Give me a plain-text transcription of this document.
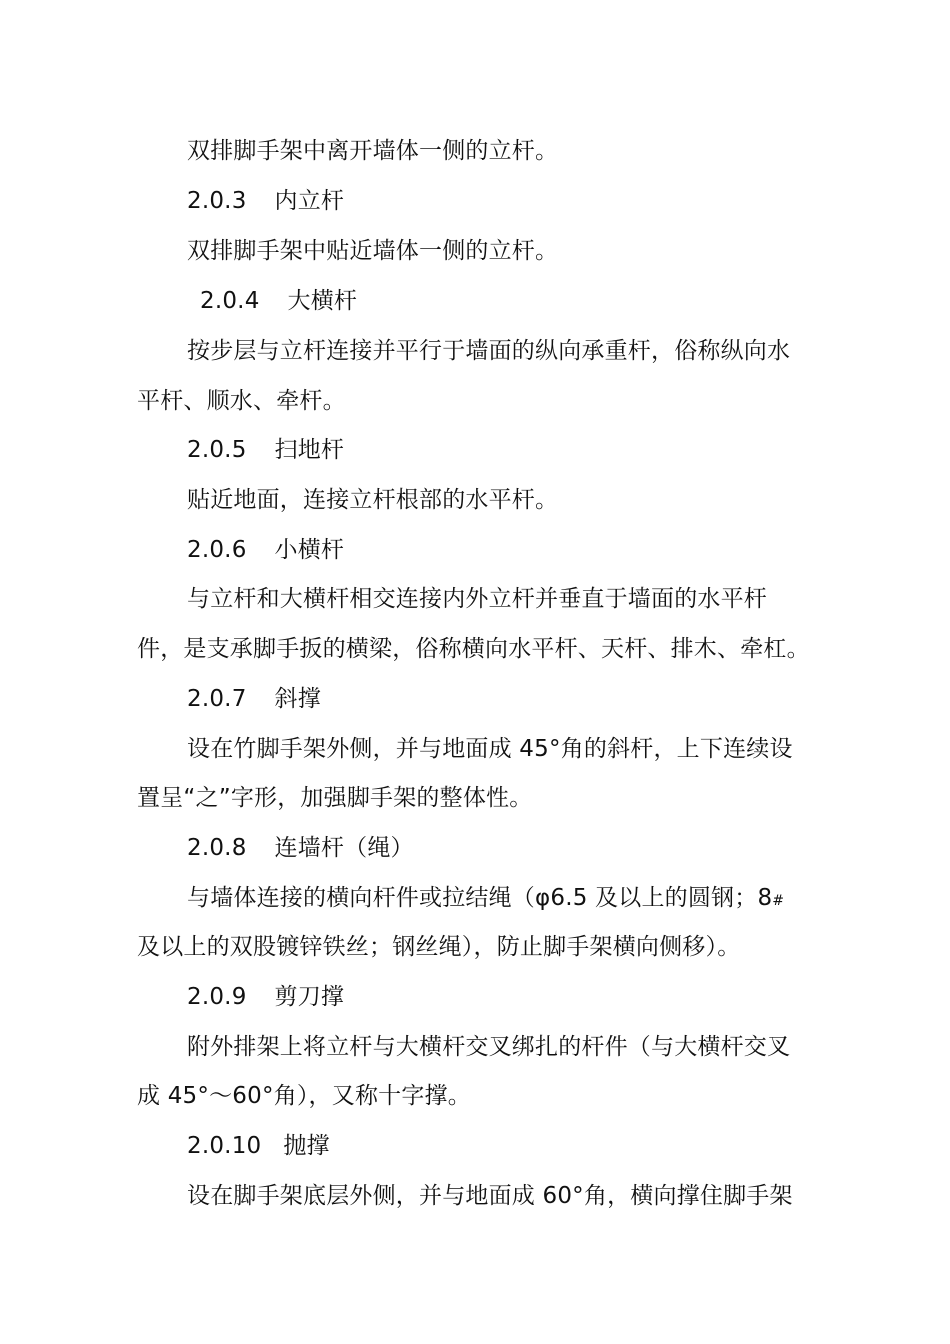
双排脚手架中离开墙体一侧的立杆。
2.0.3 内立杆
双排脚手架中贴近墙体一侧的立杆。
2.0.4 大横杆
按步层与立杆连接并平行于墙面的纵向承重杆，俗称纵向水
平杆、顺水、牵杆。
2.0.5 扫地杆
贴近地面，连接立杆根部的水平杆。
2.0.6 小横杆
与立杆和大横杆相交连接内外立杆并垂直于墙面的水平杆
件，是支承脚手扳的横梁，俗称横向水平杆、天杆、排木、牵杠。
2.0.7 斜撑
设在竹脚手架外侧，并与地面成 45°角的斜杆，上下连续设
置呈“之”字形，加强脚手架的整体性。
2.0.8 连墙杆（绳）
与墙体连接的横向杆件或拉结绳（φ6.5 及以上的圆钢；8#
及以上的双股镀锌铁丝；钢丝绳），防止脚手架横向侧移）。
2.0.9 剪刀撑
附外排架上将立杆与大横杆交叉绑扎的杆件（与大横杆交叉
成 45°～60°角），又称十字撑。
2.0.10 抛撑
设在脚手架底层外侧，并与地面成 60°角，横向撑住脚手架
